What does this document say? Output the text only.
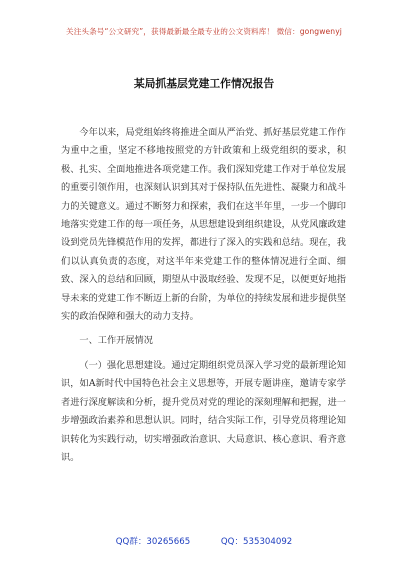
关注头条号“公文研究”，获得最新最全最专业的公文资料库！ 微信：gongwenyj
某局抓基层党建工作情况报告

今年以来，局党组始终将推进全面从严治党、抓好基层党建工作作为重中之重，坚定不移地按照党的方针政策和上级党组织的要求，积极、扎实、全面地推进各项党建工作。我们深知党建工作对于单位发展的重要引领作用，也深刻认识到其对于保持队伍先进性、凝聚力和战斗力的关键意义。通过不断努力和探索，我们在这半年里，一步一个脚印地落实党建工作的每一项任务，从思想建设到组织建设，从党风廉政建设到党员先锋模范作用的发挥，都进行了深入的实践和总结。现在，我们以认真负责的态度，对这半年来党建工作的整体情况进行全面、细致、深入的总结和回顾，期望从中汲取经验、发现不足，以便更好地指导未来的党建工作不断迈上新的台阶，为单位的持续发展和进步提供坚实的政治保障和强大的动力支持。

一、工作开展情况

（一）强化思想建设。通过定期组织党员深入学习党的最新理论知识，如A新时代中国特色社会主义思想等，开展专题讲座，邀请专家学者进行深度解读和分析，提升党员对党的理论的深刻理解和把握，进一步增强政治素养和思想认识。同时，结合实际工作，引导党员将理论知识转化为实践行动，切实增强政治意识、大局意识、核心意识、看齐意识。

QQ群：30265665	QQ：535304092
